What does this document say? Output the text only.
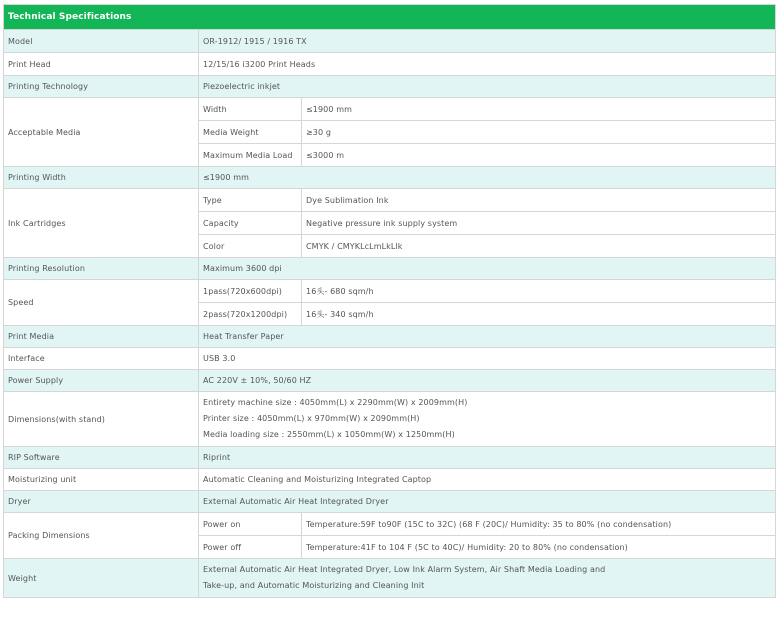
Technical Specifications		
Model	OR-1912/ 1915 / 1916 TX	
Print Head	12/15/16 i3200 Print Heads	
Printing Technology	Piezoelectric inkjet	
Acceptable Media	Width	≤1900 mm
	Media Weight	≥30 g
	Maximum Media Load	≤3000 m
Printing Width	≤1900 mm	
Ink Cartridges	Type	Dye Sublimation Ink
	Capacity	Negative pressure ink supply system
	Color	CMYK / CMYKLcLmLkLlk
Printing Resolution	Maximum 3600 dpi	
Speed	1pass(720x600dpi)	16头- 680 sqm/h
	2pass(720x1200dpi)	16头- 340 sqm/h
Print Media	Heat Transfer Paper	
Interface	USB 3.0	
Power Supply	AC 220V ± 10%, 50/60 HZ	
Dimensions(with stand)	Entirety machine size : 4050mm(L) x 2290mm(W) x 2009mm(H)
Printer size : 4050mm(L) x 970mm(W) x 2090mm(H)
Media loading size : 2550mm(L) x 1050mm(W) x 1250mm(H)	

RIP Software	Riprint	
Moisturizing unit	Automatic Cleaning and Moisturizing Integrated Captop	
Dryer	External Automatic Air Heat Integrated Dryer	
Packing Dimensions	Power on	Temperature:59F to90F (15C to 32C) (68 F (20C)/ Humidity: 35 to 80% (no condensation)
	Power off	Temperature:41F to 104 F (5C to 40C)/ Humidity: 20 to 80% (no condensation)
Weight	External Automatic Air Heat Integrated Dryer, Low Ink Alarm System, Air Shaft Media Loading and
Take-up, and Automatic Moisturizing and Cleaning Init	
